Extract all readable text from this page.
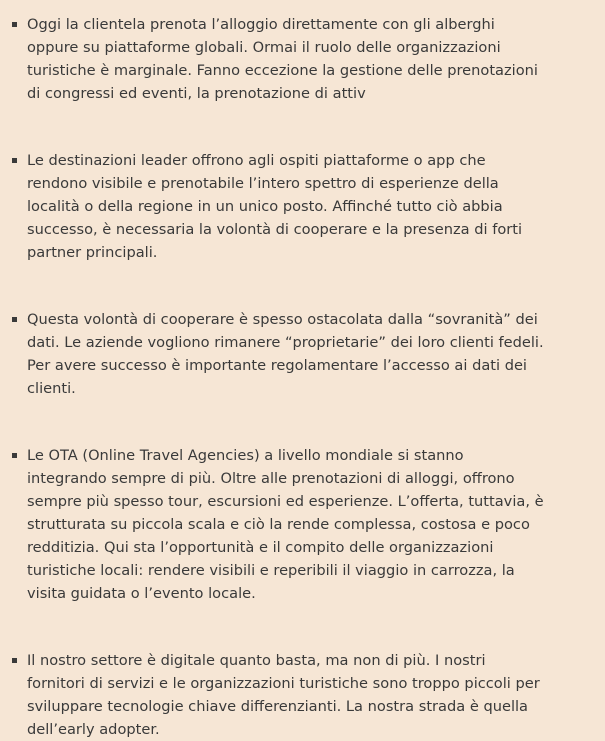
Oggi la clientela prenota l’alloggio direttamente con gli alberghi oppure su piattaforme globali. Ormai il ruolo delle organizzazioni turistiche è marginale. Fanno eccezione la gestione delle prenotazioni di congressi ed eventi, la prenotazione di attiv
Le destinazioni leader offrono agli ospiti piattaforme o app che rendono visibile e prenotabile l’intero spettro di esperienze della località o della regione in un unico posto. Affinché tutto ciò abbia successo, è necessaria la volontà di cooperare e la presenza di forti partner principali.
Questa volontà di cooperare è spesso ostacolata dalla “sovranità” dei dati. Le aziende vogliono rimanere “proprietarie” dei loro clienti fedeli. Per avere successo è importante regolamentare l’accesso ai dati dei clienti.
Le OTA (Online Travel Agencies) a livello mondiale si stanno integrando sempre di più. Oltre alle prenotazioni di alloggi, offrono sempre più spesso tour, escursioni ed esperienze. L’offerta, tuttavia, è strutturata su piccola scala e ciò la rende complessa, costosa e poco redditizia. Qui sta l’opportunità e il compito delle organizzazioni turistiche locali: rendere visibili e reperibili il viaggio in carrozza, la visita guidata o l’evento locale.
Il nostro settore è digitale quanto basta, ma non di più. I nostri fornitori di servizi e le organizzazioni turistiche sono troppo piccoli per sviluppare tecnologie chiave differenzianti. La nostra strada è quella dell’early adopter.
